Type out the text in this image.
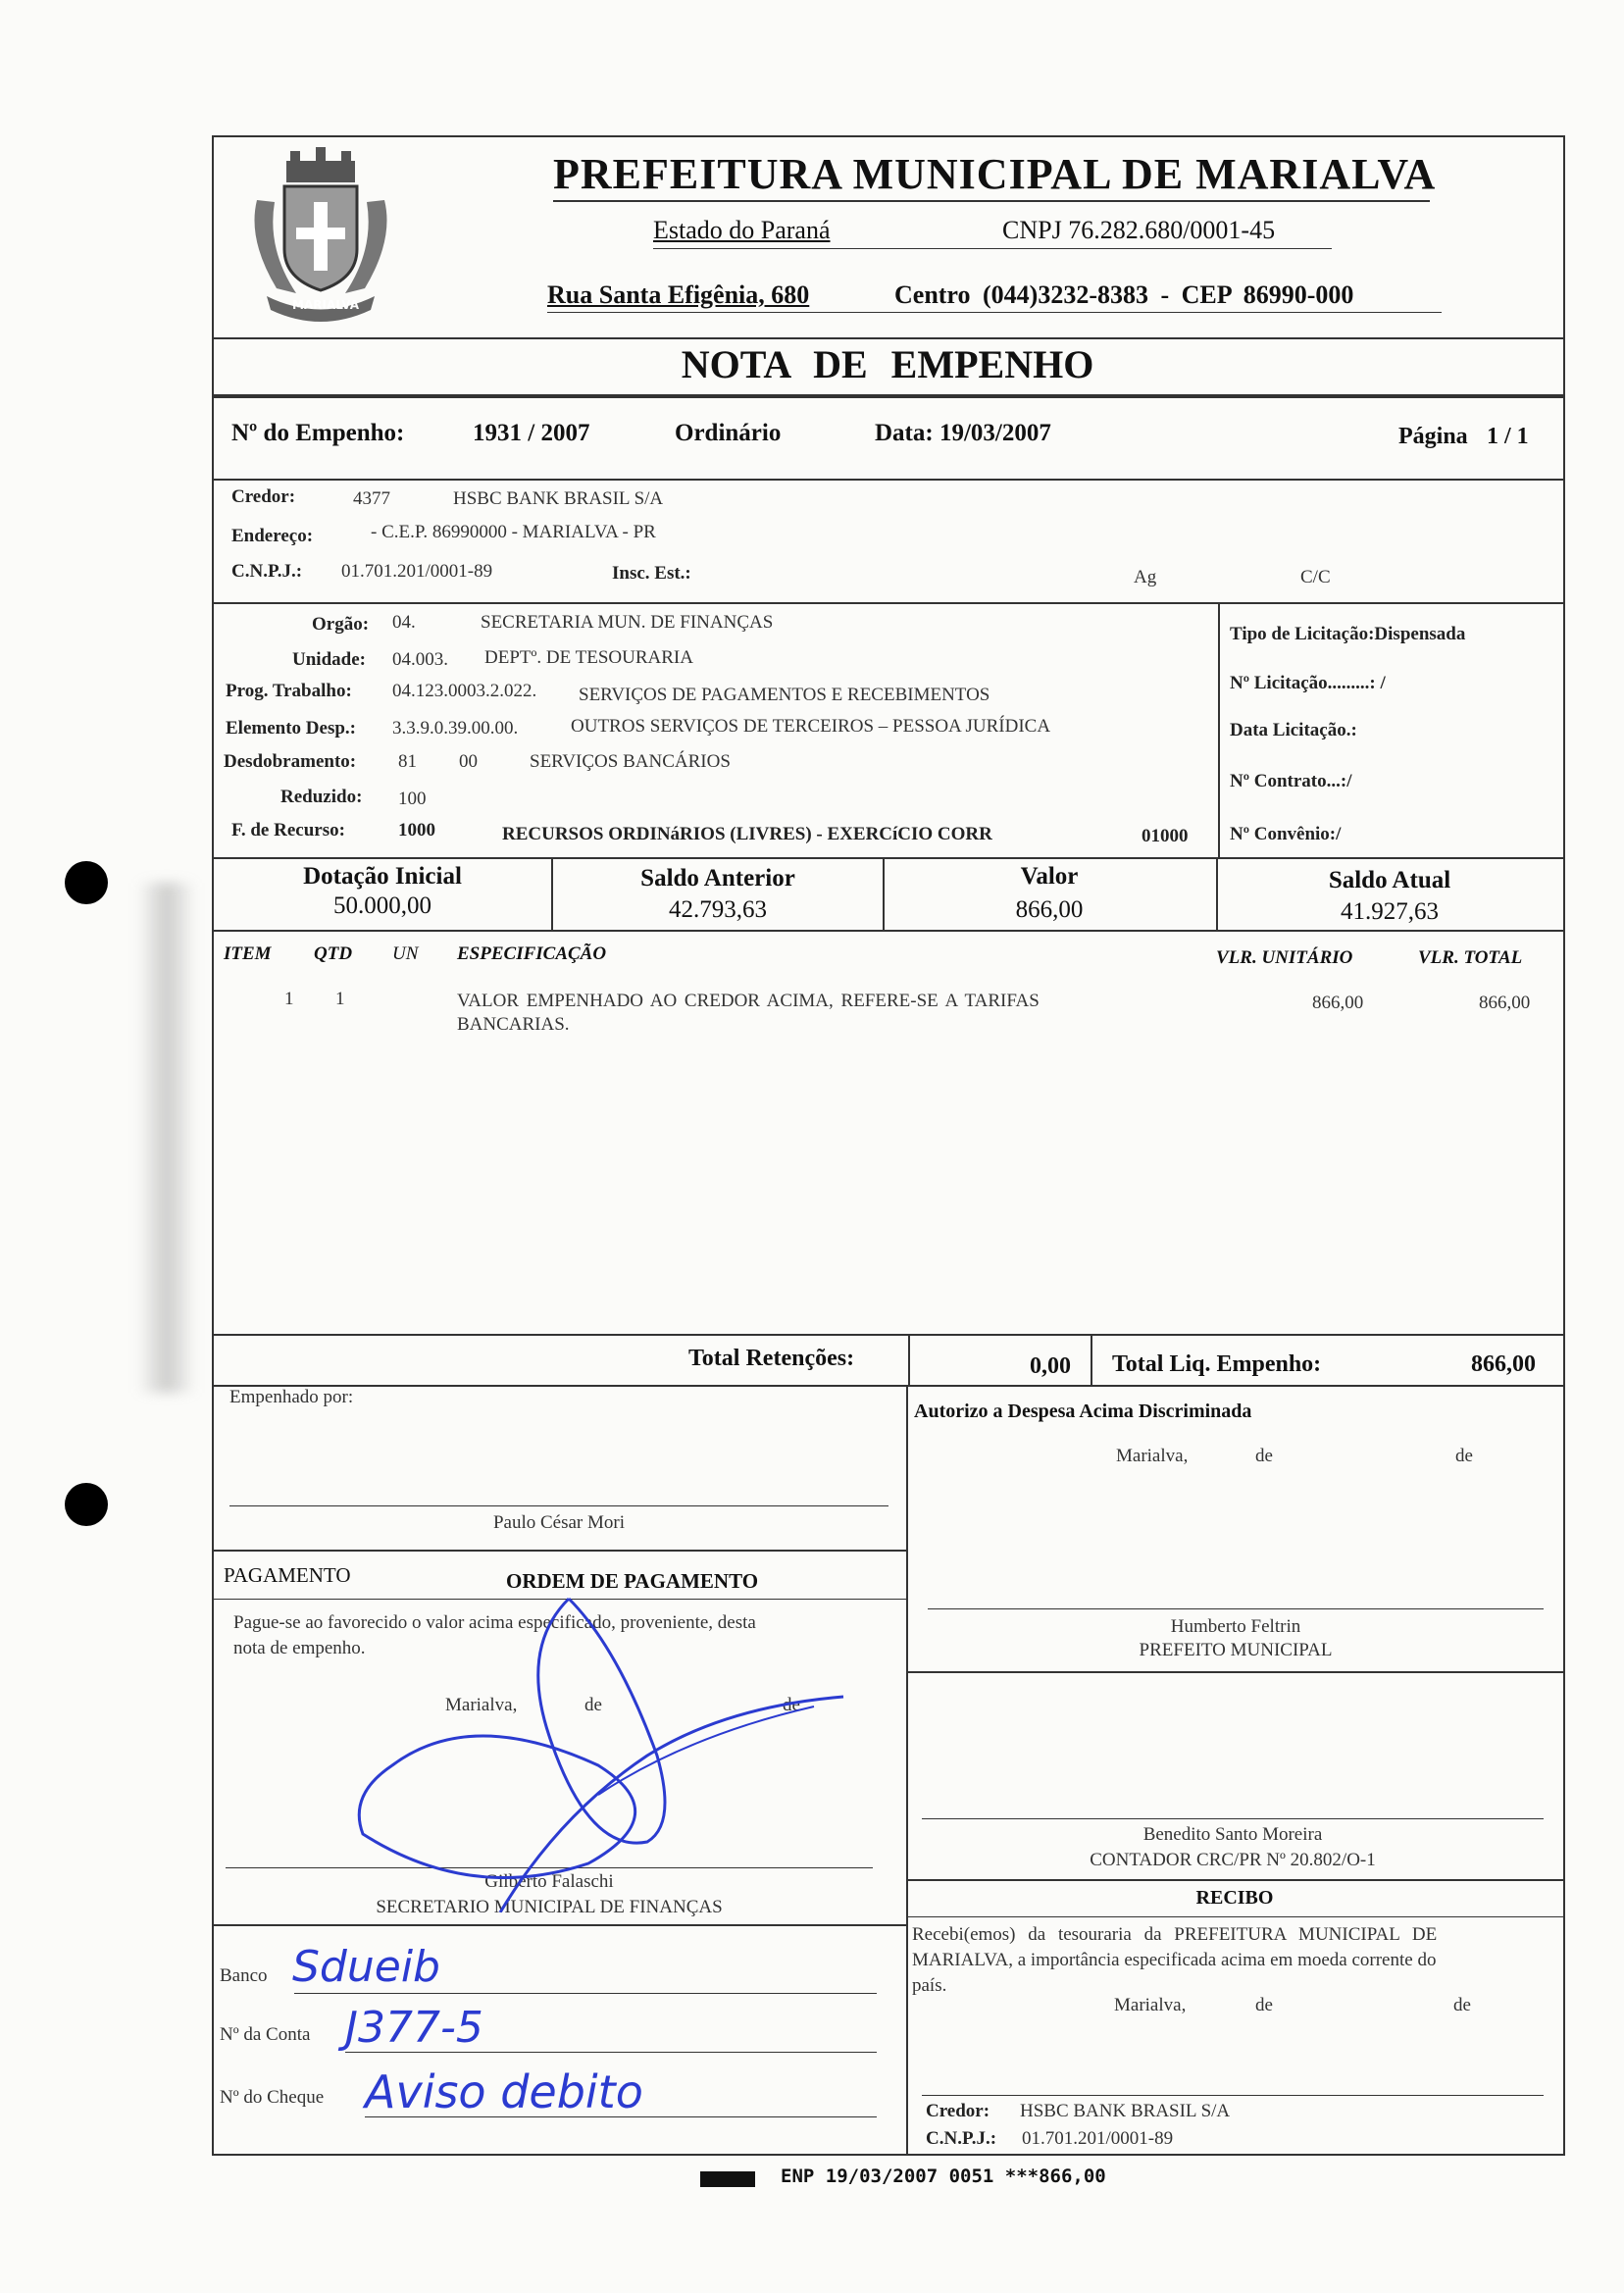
MARIALVA
PREFEITURA MUNICIPAL DE MARIALVA
Estado do Paraná	CNPJ 76.282.680/0001-45
Rua Santa Efigênia, 680	Centro (044)3232-8383 - CEP 86990-000
NOTA DE EMPENHO
Nº do Empenho:	1931 / 2007	Ordinário	Data: 19/03/2007	Página 1 / 1
Credor:	4377	HSBC BANK BRASIL S/A
Endereço:	- C.E.P. 86990000 - MARIALVA - PR
C.N.P.J.: 01.701.201/0001-89	Insc. Est.:	Ag	C/C
Orgão: 04.	SECRETARIA MUN. DE FINANÇAS
Unidade: 04.003. DEPTº. DE TESOURARIA
Prog. Trabalho: 04.123.0003.2.022. SERVIÇOS DE PAGAMENTOS E RECEBIMENTOS
Elemento Desp.: 3.3.9.0.39.00.00.	OUTROS SERVIÇOS DE TERCEIROS – PESSOA JURÍDICA
Desdobramento: 81 00	SERVIÇOS BANCÁRIOS
Reduzido: 100
F. de Recurso:	1000	RECURSOS ORDINáRIOS (LIVRES) - EXERCíCIO CORR	01000
Tipo de Licitação:Dispensada
Nº Licitação.........: /
Data Licitação.:
Nº Contrato...:/
Nº Convênio:/
Dotação Inicial
50.000,00
Saldo Anterior
42.793,63
Valor
866,00
Saldo Atual
41.927,63
ITEM QTD UN ESPECIFICAÇÃO	VLR. UNITÁRIO	VLR. TOTAL
1 1	VALOR EMPENHADO AO CREDOR ACIMA, REFERE-SE A TARIFAS
BANCARIAS.
866,00	866,00
Total Retenções:	0,00 Total Liq. Empenho:	866,00
Empenhado por:
Paulo César Mori
PAGAMENTO	ORDEM DE PAGAMENTO
Pague-se ao favorecido o valor acima especificado, proveniente, desta
nota de empenho.
Marialva,	de	de
Gilberto Falaschi
SECRETARIO MUNICIPAL DE FINANÇAS
Banco Sdueib
Nº da Conta J377-5
Nº do Cheque Aviso debito
Autorizo a Despesa Acima Discriminada
Marialva,	de	de
Humberto Feltrin
PREFEITO MUNICIPAL
Benedito Santo Moreira
CONTADOR CRC/PR Nº 20.802/O-1
RECIBO
Recebi(emos) da tesouraria da PREFEITURA MUNICIPAL DE
MARIALVA, a importância especificada acima em moeda corrente do
país.
Marialva,	de	de
Credor: HSBC BANK BRASIL S/A
C.N.P.J.: 01.701.201/0001-89
ENP 19/03/2007 0051 ***866,00
